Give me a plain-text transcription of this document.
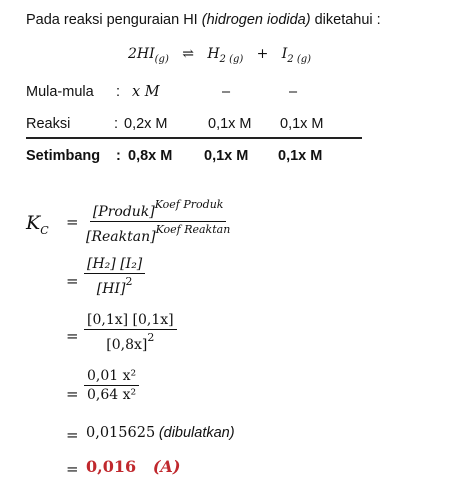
Pada reaksi penguraian HI (hidrogen iodida) diketahui :
$2HI_{(g)}$ ⇌ $H_{2 (g)} + I_{2 (g)}$
Mula-mula : x M	–	–
Reaksi	: 0,2x M	0,1x M 0,1x M
Setimbang : 0,8x M 0,1x M 0,1x M
$K_C$ =
[Produk]$^{Koef Produk}$
[Reaktan]$^{Koef Reaktan}$
= $\frac{\text{[H₂] [I₂]}}{[HI]^2}$
= $\frac{[0,1x] [0,1x]}{[0,8x]^2}$
= $\frac{\text{0,01 x²}}{\text{0,64 x²}}$
= 0,015625 (dibulatkan)
= 0,016 (A)
